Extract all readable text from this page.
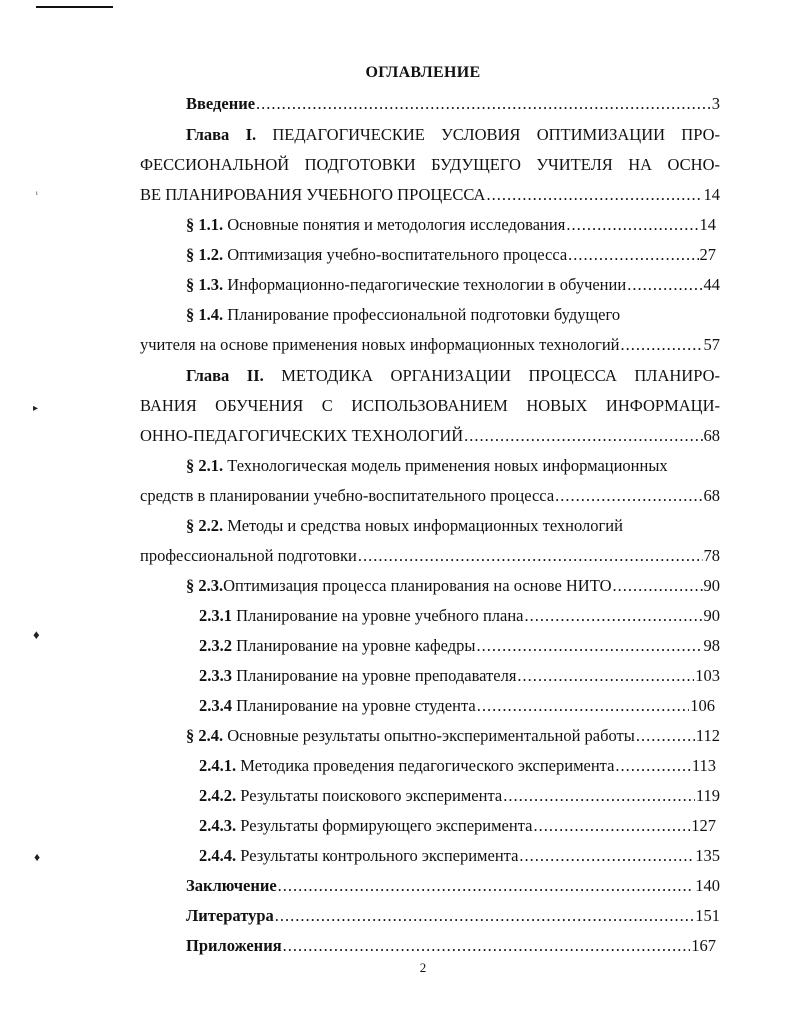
ОГЛАВЛЕНИЕ
Введение .....	3
Глава I. ПЕДАГОГИЧЕСКИЕ УСЛОВИЯ ОПТИМИЗАЦИИ ПРО-
ФЕССИОНАЛЬНОЙ ПОДГОТОВКИ БУДУЩЕГО УЧИТЕЛЯ НА ОСНО-
ВЕ ПЛАНИРОВАНИЯ УЧЕБНОГО ПРОЦЕССА .....	14
§ 1.1. Основные понятия и методология исследования .....	14
§ 1.2. Оптимизация учебно-воспитательного процесса .....	27
§ 1.3. Информационно-педагогические технологии в обучении .....	44
§ 1.4. Планирование профессиональной подготовки будущего
учителя на основе применения новых информационных технологий .....	57
Глава II. МЕТОДИКА ОРГАНИЗАЦИИ ПРОЦЕССА ПЛАНИРО-
ВАНИЯ ОБУЧЕНИЯ С ИСПОЛЬЗОВАНИЕМ НОВЫХ ИНФОРМАЦИ-
ОННО-ПЕДАГОГИЧЕСКИХ ТЕХНОЛОГИЙ .....	68
§ 2.1. Технологическая модель применения новых информационных
средств в планировании учебно-воспитательного процесса .....	68
§ 2.2. Методы и средства новых информационных технологий
профессиональной подготовки .....	78
§ 2.3.Оптимизация процесса планирования на основе НИТО .....	90
2.3.1 Планирование на уровне учебного плана .....	90
2.3.2 Планирование на уровне кафедры .....	98
2.3.3 Планирование на уровне преподавателя .....	103
2.3.4 Планирование на уровне студента .....	106
§ 2.4. Основные результаты опытно-экспериментальной работы .....	112
2.4.1. Методика проведения педагогического эксперимента .....	113
2.4.2. Результаты поискового эксперимента .....	119
2.4.3. Результаты формирующего эксперимента .....	127
2.4.4. Результаты контрольного эксперимента .....	135
Заключение .....	140
Литература .....	151
Приложения .....	167
2
ᵢ
▸
♦
♦
